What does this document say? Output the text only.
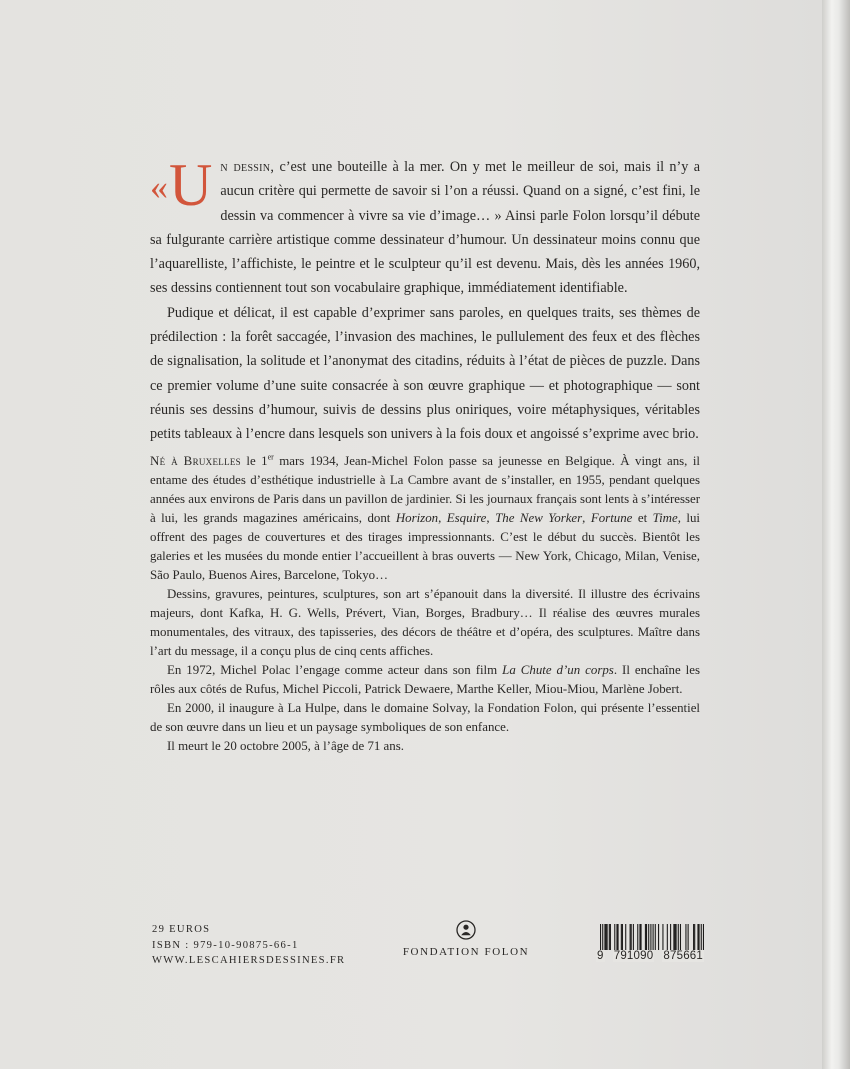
« U n dessin, c’est une bouteille à la mer. On y met le meilleur de soi, mais il n’y a aucun critère qui permette de savoir si l’on a réussi. Quand on a signé, c’est fini, le dessin va commencer à vivre sa vie d’image… » Ainsi parle Folon lorsqu’il débute sa fulgurante carrière artistique comme dessinateur d’humour. Un dessinateur moins connu que l’aquarelliste, l’affichiste, le peintre et le sculpteur qu’il est devenu. Mais, dès les années 1960, ses dessins contiennent tout son vocabulaire graphique, immédiatement identifiable.

Pudique et délicat, il est capable d’exprimer sans paroles, en quelques traits, ses thèmes de prédilection : la forêt saccagée, l’invasion des machines, le pullulement des feux et des flèches de signalisation, la solitude et l’anonymat des citadins, réduits à l’état de pièces de puzzle. Dans ce premier volume d’une suite consacrée à son œuvre graphique — et photographique — sont réunis ses dessins d’humour, suivis de dessins plus oniriques, voire métaphysiques, véritables petits tableaux à l’encre dans lesquels son univers à la fois doux et angoissé s’exprime avec brio.

Né à Bruxelles le 1er mars 1934, Jean-Michel Folon passe sa jeunesse en Belgique. À vingt ans, il entame des études d’esthétique industrielle à La Cambre avant de s’installer, en 1955, pendant quelques années aux environs de Paris dans un pavillon de jardinier. Si les journaux français sont lents à s’intéresser à lui, les grands magazines américains, dont Horizon, Esquire, The New Yorker, Fortune et Time, lui offrent des pages de couvertures et des tirages impressionnants. C’est le début du succès. Bientôt les galeries et les musées du monde entier l’accueillent à bras ouverts — New York, Chicago, Milan, Venise, São Paulo, Buenos Aires, Barcelone, Tokyo…

Dessins, gravures, peintures, sculptures, son art s’épanouit dans la diversité. Il illustre des écrivains majeurs, dont Kafka, H. G. Wells, Prévert, Vian, Borges, Bradbury… Il réalise des œuvres murales monumentales, des vitraux, des tapisseries, des décors de théâtre et d’opéra, des sculptures. Maître dans l’art du message, il a conçu plus de cinq cents affiches.

En 1972, Michel Polac l’engage comme acteur dans son film La Chute d’un corps. Il enchaîne les rôles aux côtés de Rufus, Michel Piccoli, Patrick Dewaere, Marthe Keller, Miou-Miou, Marlène Jobert.

En 2000, il inaugure à La Hulpe, dans le domaine Solvay, la Fondation Folon, qui présente l’essentiel de son œuvre dans un lieu et un paysage symboliques de son enfance.

Il meurt le 20 octobre 2005, à l’âge de 71 ans.

29 EUROS
ISBN : 979-10-90875-66-1
WWW.LESCAHIERSDESSINES.FR
FONDATION FOLON	9 791090 875661
